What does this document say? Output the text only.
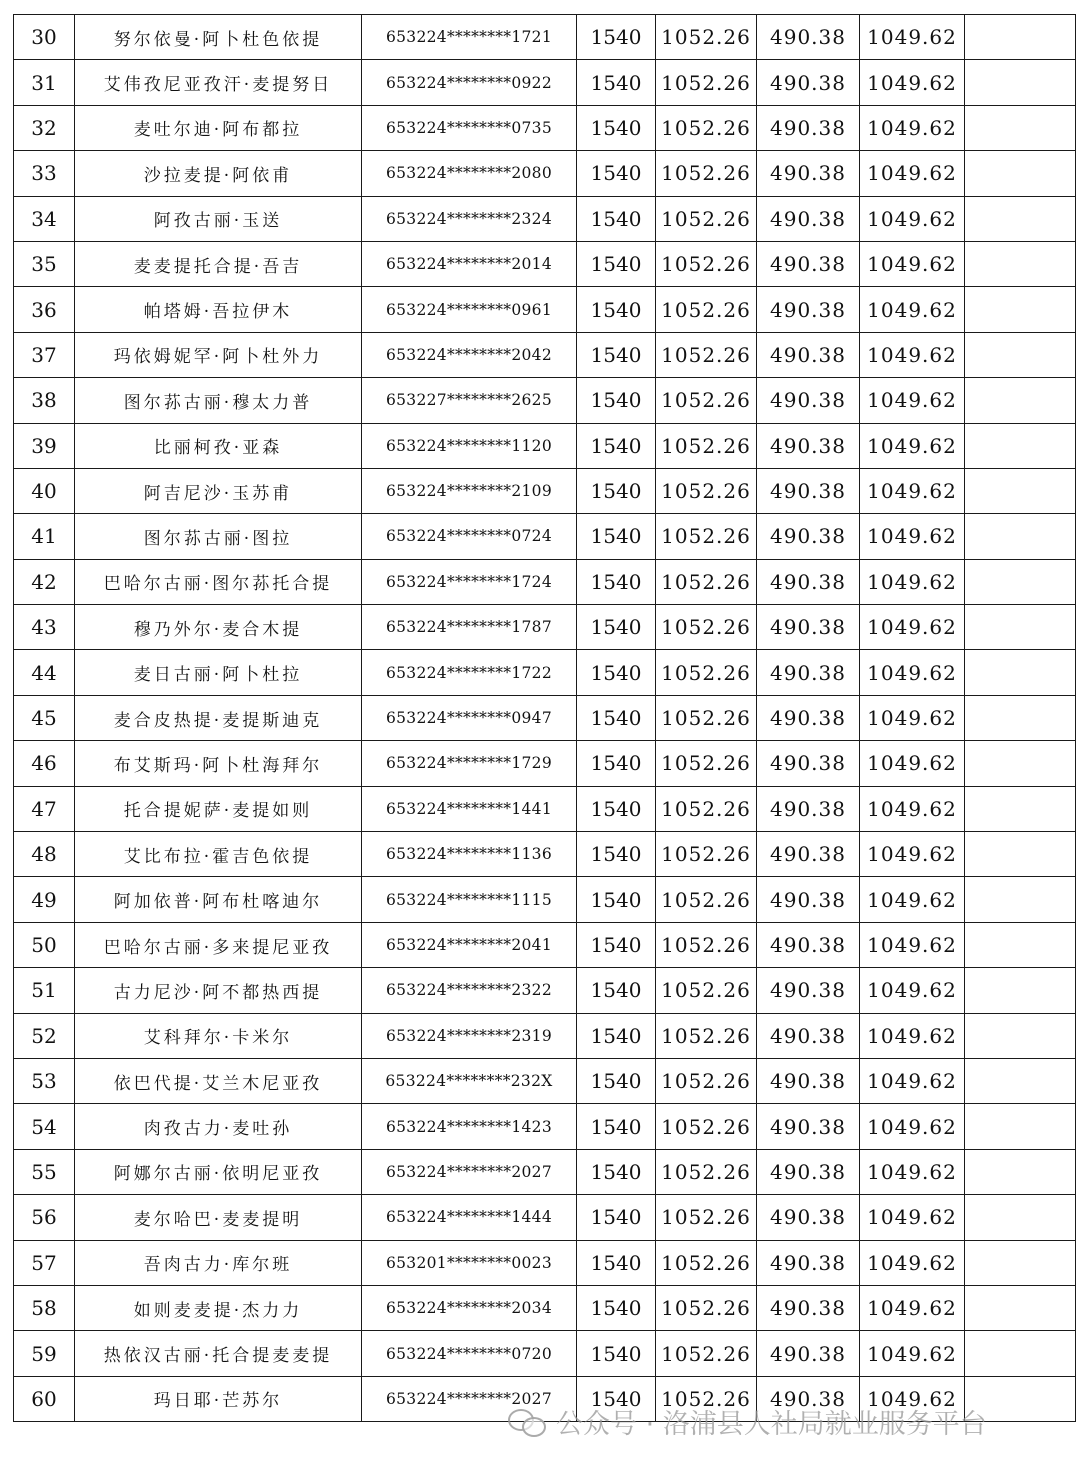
30	努尔依曼·阿卜杜色依提	653224********1721	1540	1052.26	490.38	1049.62	
31	艾伟孜尼亚孜汗·麦提努日	653224********0922	1540	1052.26	490.38	1049.62	
32	麦吐尔迪·阿布都拉	653224********0735	1540	1052.26	490.38	1049.62	
33	沙拉麦提·阿依甫	653224********2080	1540	1052.26	490.38	1049.62	
34	阿孜古丽·玉送	653224********2324	1540	1052.26	490.38	1049.62	
35	麦麦提托合提·吾吉	653224********2014	1540	1052.26	490.38	1049.62	
36	帕塔姆·吾拉伊木	653224********0961	1540	1052.26	490.38	1049.62	
37	玛依姆妮罕·阿卜杜外力	653224********2042	1540	1052.26	490.38	1049.62	
38	图尔荪古丽·穆太力普	653227********2625	1540	1052.26	490.38	1049.62	
39	比丽柯孜·亚森	653224********1120	1540	1052.26	490.38	1049.62	
40	阿吉尼沙·玉苏甫	653224********2109	1540	1052.26	490.38	1049.62	
41	图尔荪古丽·图拉	653224********0724	1540	1052.26	490.38	1049.62	
42	巴哈尔古丽·图尔荪托合提	653224********1724	1540	1052.26	490.38	1049.62	
43	穆乃外尔·麦合木提	653224********1787	1540	1052.26	490.38	1049.62	
44	麦日古丽·阿卜杜拉	653224********1722	1540	1052.26	490.38	1049.62	
45	麦合皮热提·麦提斯迪克	653224********0947	1540	1052.26	490.38	1049.62	
46	布艾斯玛·阿卜杜海拜尔	653224********1729	1540	1052.26	490.38	1049.62	
47	托合提妮萨·麦提如则	653224********1441	1540	1052.26	490.38	1049.62	
48	艾比布拉·霍吉色依提	653224********1136	1540	1052.26	490.38	1049.62	
49	阿加依普·阿布杜喀迪尔	653224********1115	1540	1052.26	490.38	1049.62	
50	巴哈尔古丽·多来提尼亚孜	653224********2041	1540	1052.26	490.38	1049.62	
51	古力尼沙·阿不都热西提	653224********2322	1540	1052.26	490.38	1049.62	
52	艾科拜尔·卡米尔	653224********2319	1540	1052.26	490.38	1049.62	
53	依巴代提·艾兰木尼亚孜	653224********232X	1540	1052.26	490.38	1049.62	
54	肉孜古力·麦吐孙	653224********1423	1540	1052.26	490.38	1049.62	
55	阿娜尔古丽·依明尼亚孜	653224********2027	1540	1052.26	490.38	1049.62	
56	麦尔哈巴·麦麦提明	653224********1444	1540	1052.26	490.38	1049.62	
57	吾肉古力·库尔班	653201********0023	1540	1052.26	490.38	1049.62	
58	如则麦麦提·杰力力	653224********2034	1540	1052.26	490.38	1049.62	
59	热依汉古丽·托合提麦麦提	653224********0720	1540	1052.26	490.38	1049.62	
60	玛日耶·芒苏尔	653224********2027	1540	1052.26	490.38	1049.62	
公众号 · 洛浦县人社局就业服务平台
